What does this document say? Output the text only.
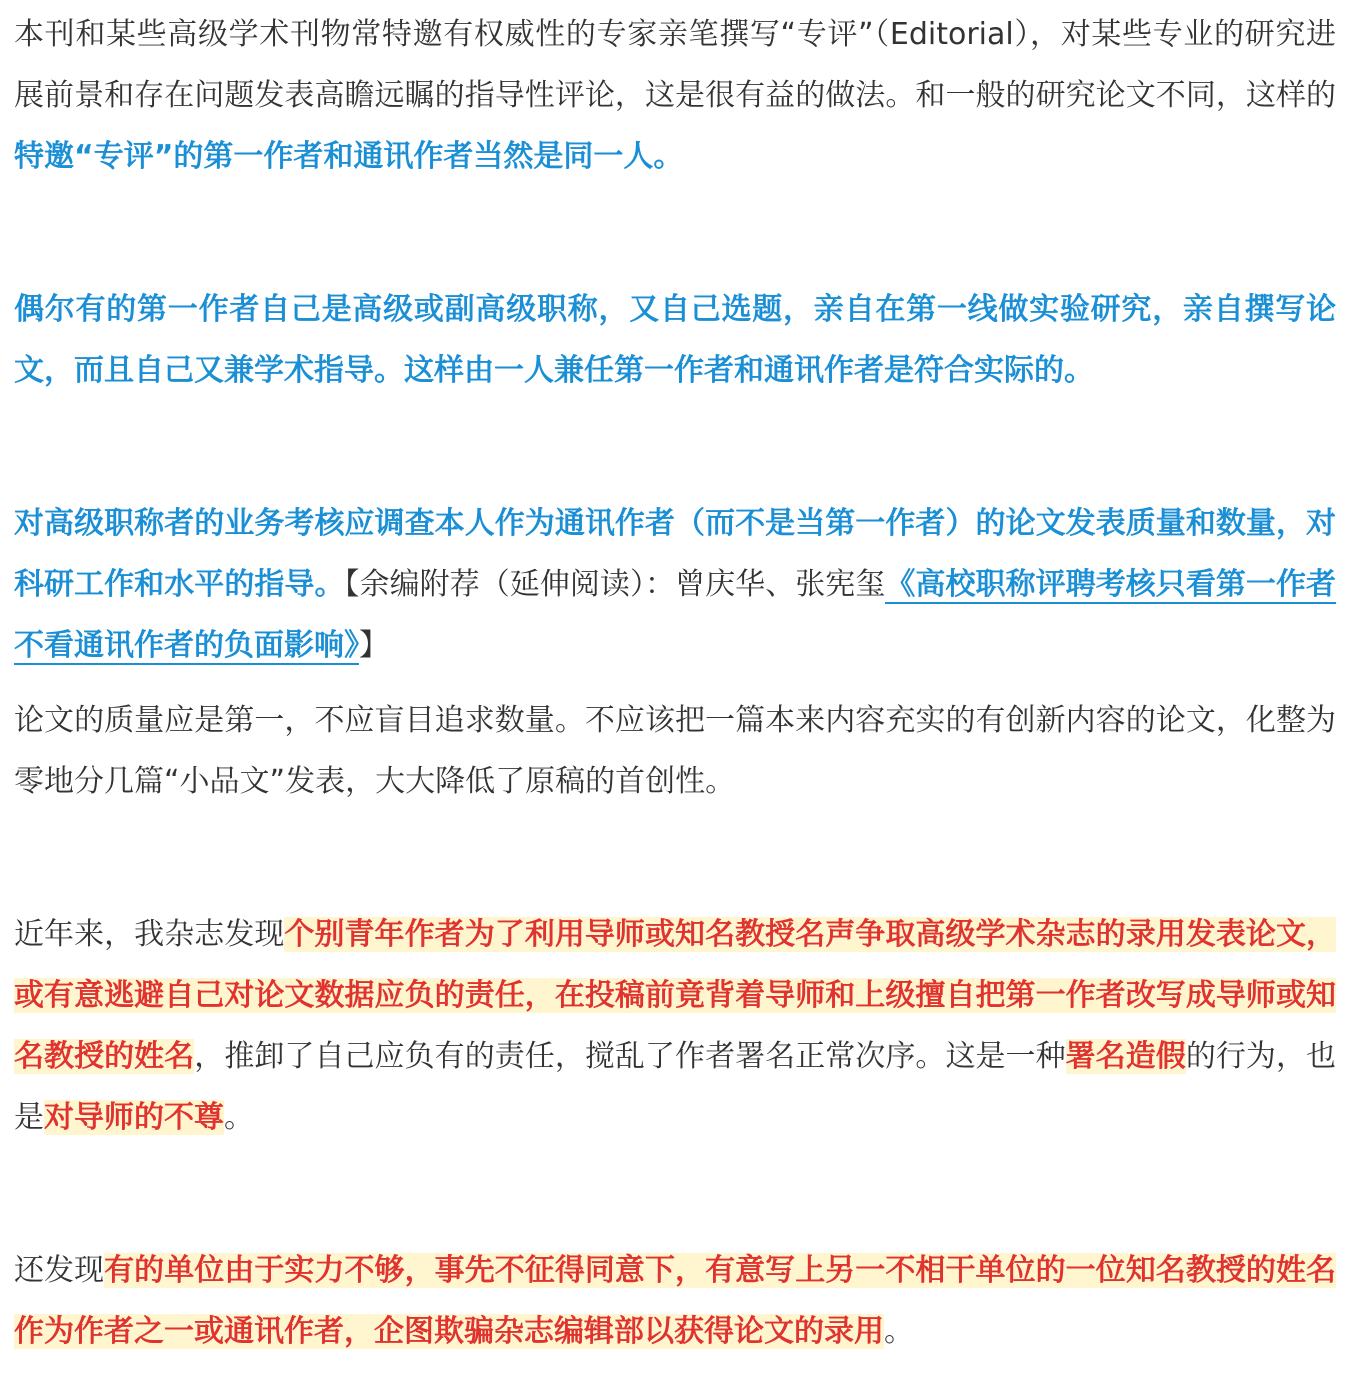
本刊和某些高级学术刊物常特邀有权威性的专家亲笔撰写“专评”（Editorial），对某些专业的研究进展前景和存在问题发表高瞻远瞩的指导性评论，这是很有益的做法。和一般的研究论文不同，这样的特邀“专评”的第一作者和通讯作者当然是同一人。

偶尔有的第一作者自己是高级或副高级职称，又自己选题，亲自在第一线做实验研究，亲自撰写论文，而且自己又兼学术指导。这样由一人兼任第一作者和通讯作者是符合实际的。

对高级职称者的业务考核应调查本人作为通讯作者（而不是当第一作者）的论文发表质量和数量，对科研工作和水平的指导。【余编附荐（延伸阅读）：曾庆华、张宪玺《高校职称评聘考核只看第一作者不看通讯作者的负面影响》】

论文的质量应是第一，不应盲目追求数量。不应该把一篇本来内容充实的有创新内容的论文，化整为零地分几篇“小品文”发表，大大降低了原稿的首创性。

近年来，我杂志发现个别青年作者为了利用导师或知名教授名声争取高级学术杂志的录用发表论文，或有意逃避自己对论文数据应负的责任，在投稿前竟背着导师和上级擅自把第一作者改写成导师或知名教授的姓名，推卸了自己应负有的责任，搅乱了作者署名正常次序。这是一种署名造假的行为，也是对导师的不尊。

还发现有的单位由于实力不够，事先不征得同意下，有意写上另一不相干单位的一位知名教授的姓名作为作者之一或通讯作者，企图欺骗杂志编辑部以获得论文的录用。
